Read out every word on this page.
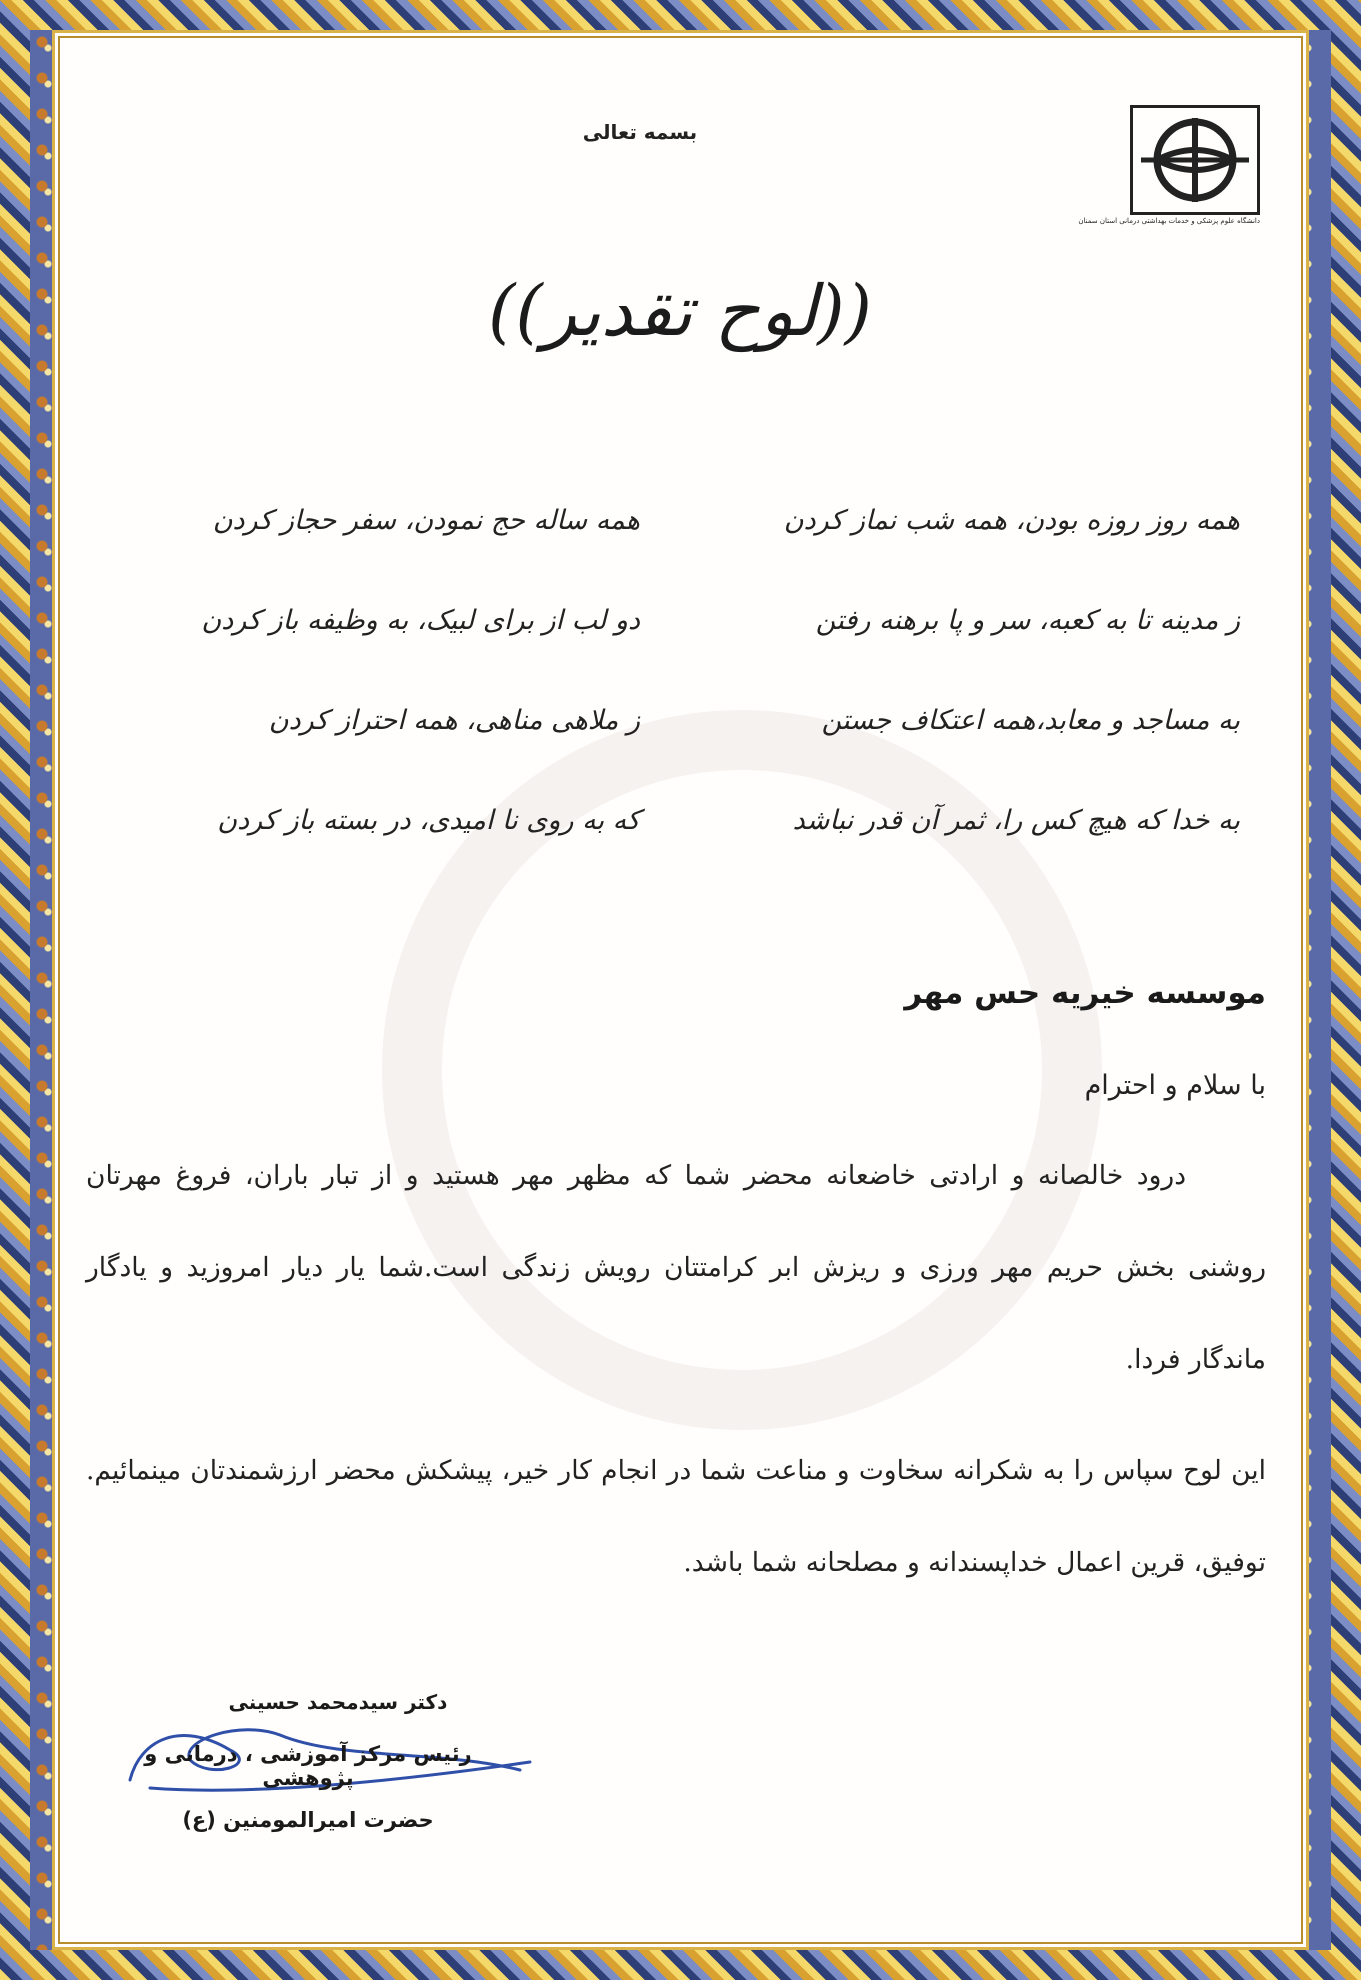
بسمه تعالی
دانشگاه علوم پزشکی و خدمات بهداشتی درمانی استان سمنان
((لوح تقدیر))
همه روز روزه بودن، همه شب نماز کردن
همه ساله حج نمودن، سفر حجاز کردن
ز مدینه تا به کعبه، سر و پا برهنه رفتن
دو لب از برای لبیک، به وظیفه باز کردن
به مساجد و معابد،همه اعتکاف جستن
ز ملاهی مناهی، همه احتراز کردن
به خدا که هیچ کس را، ثمر آن قدر نباشد
که به روی نا امیدی، در بسته باز کردن
موسسه خیریه حس مهر
با سلام و احترام
درود خالصانه و ارادتی خاضعانه محضر شما که مظهر مهر هستید و از تبار باران، فروغ مهرتان روشنی بخش حریم مهر ورزی و ریزش ابر کرامتتان رویش زندگی است.شما یار دیار امروزید و یادگار ماندگار فردا.
این لوح سپاس را به شکرانه سخاوت و مناعت شما در انجام کار خیر، پیشکش محضر ارزشمندتان مینمائیم. توفیق، قرین اعمال خداپسندانه و مصلحانه شما باشد.
دکتر سیدمحمد حسینی
رئیس مرکز آموزشی ، درمانی و پژوهشی
حضرت امیرالمومنین (ع)
